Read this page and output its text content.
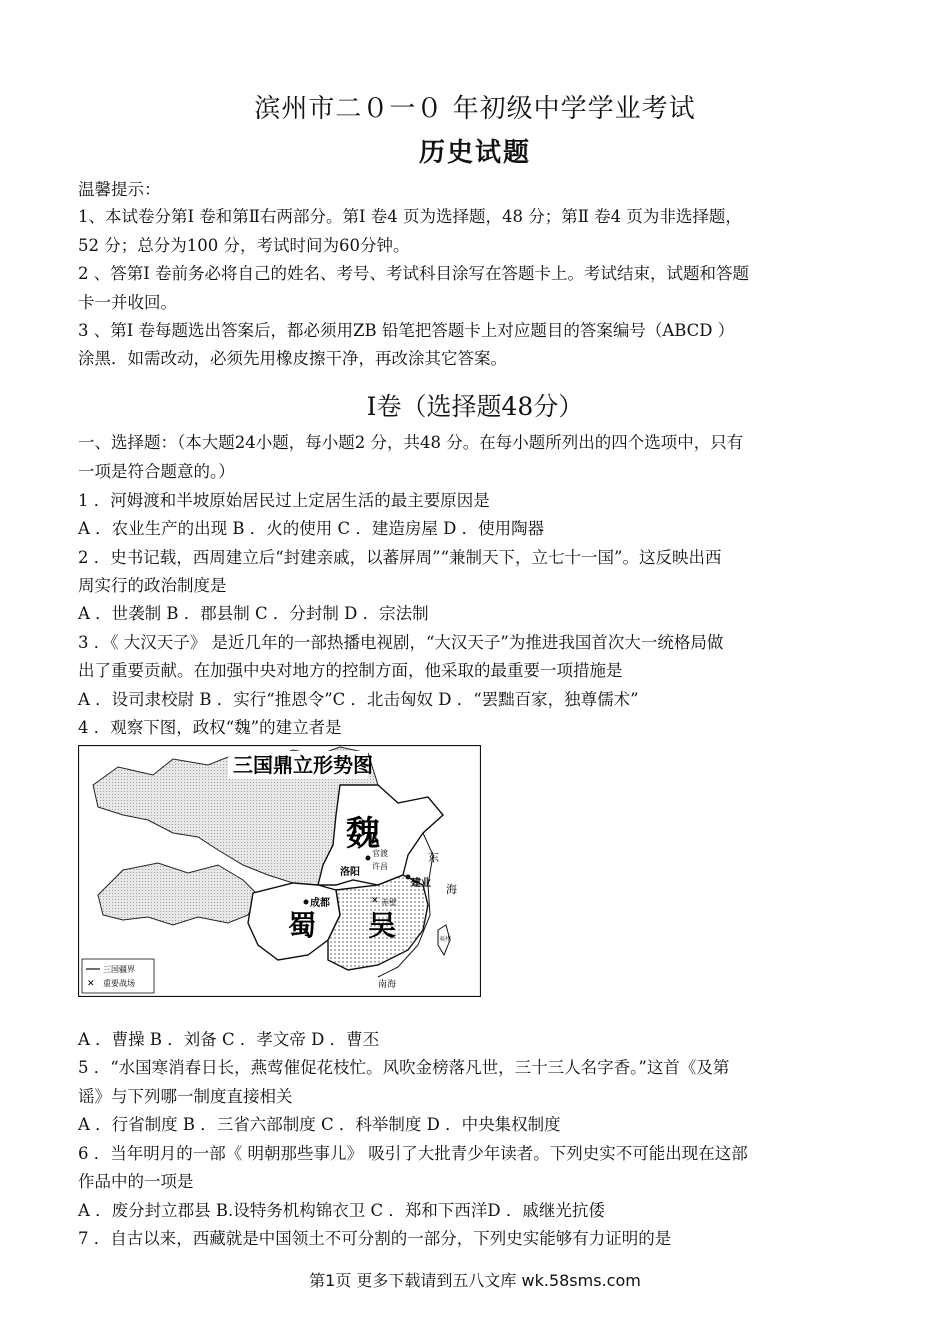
滨州市二０一０ 年初级中学学业考试
历史试题
温馨提示：
1、本试卷分第Ⅰ 卷和第Ⅱ右两部分。第Ⅰ 卷4 页为选择题，48 分；第Ⅱ 卷4 页为非选择题，
52 分；总分为100 分，考试时间为60分钟。
2 、答第Ⅰ 卷前务必将自己的姓名、考号、考试科目涂写在答题卡上。考试结束，试题和答题
卡一并收回。
3 、第Ⅰ 卷每题选出答案后，都必须用ZB 铅笔把答题卡上对应题目的答案编号（ABCD ）
涂黑．如需改动，必须先用橡皮擦干净，再改涂其它答案。
Ⅰ卷（选择题48分）
一、选择题：（本大题24小题，每小题2 分，共48 分。在每小题所列出的四个选项中，只有
一项是符合题意的。）
1 ．河姆渡和半坡原始居民过上定居生活的最主要原因是
A ．农业生产的出现 B ．火的使用 C ．建造房屋 D ．使用陶器
2 ．史书记载，西周建立后“封建亲戚，以蕃屏周”“兼制天下，立七十一国”。这反映出西
周实行的政治制度是
A ．世袭制 B ．郡县制 C ．分封制 D ．宗法制
3 ．《 大汉天子》 是近几年的一部热播电视剧，“大汉天子”为推进我国首次大一统格局做
出了重要贡献。在加强中央对地方的控制方面，他采取的最重要一项措施是
A ．设司隶校尉 B ．实行“推恩令”C ．北击匈奴 D ．“罢黜百家，独尊儒术”
4 ．观察下图，政权“魏”的建立者是
三国鼎立形势图
魏
蜀 吴
洛阳
官渡
许昌
成都
建业
✕ 赤壁
东
海
南海
夷州
三国疆界
✕ 重要战场
A ．曹操 B ．刘备 C ．孝文帝 D ．曹丕
5 ．“水国寒消春日长，燕莺催促花枝忙。风吹金榜落凡世，三十三人名字香。”这首《及第
谣》与下列哪一制度直接相关
A ．行省制度 B ．三省六部制度 C ．科举制度 D ．中央集权制度
6 ．当年明月的一部《 明朝那些事儿》 吸引了大批青少年读者。下列史实不可能出现在这部
作品中的一项是
A ．废分封立郡县 B.设特务机构锦衣卫 C ．郑和下西洋D ．戚继光抗倭
7 ．自古以来，西藏就是中国领土不可分割的一部分，下列史实能够有力证明的是
第1页 更多下载请到五八文库 wk.58sms.com
